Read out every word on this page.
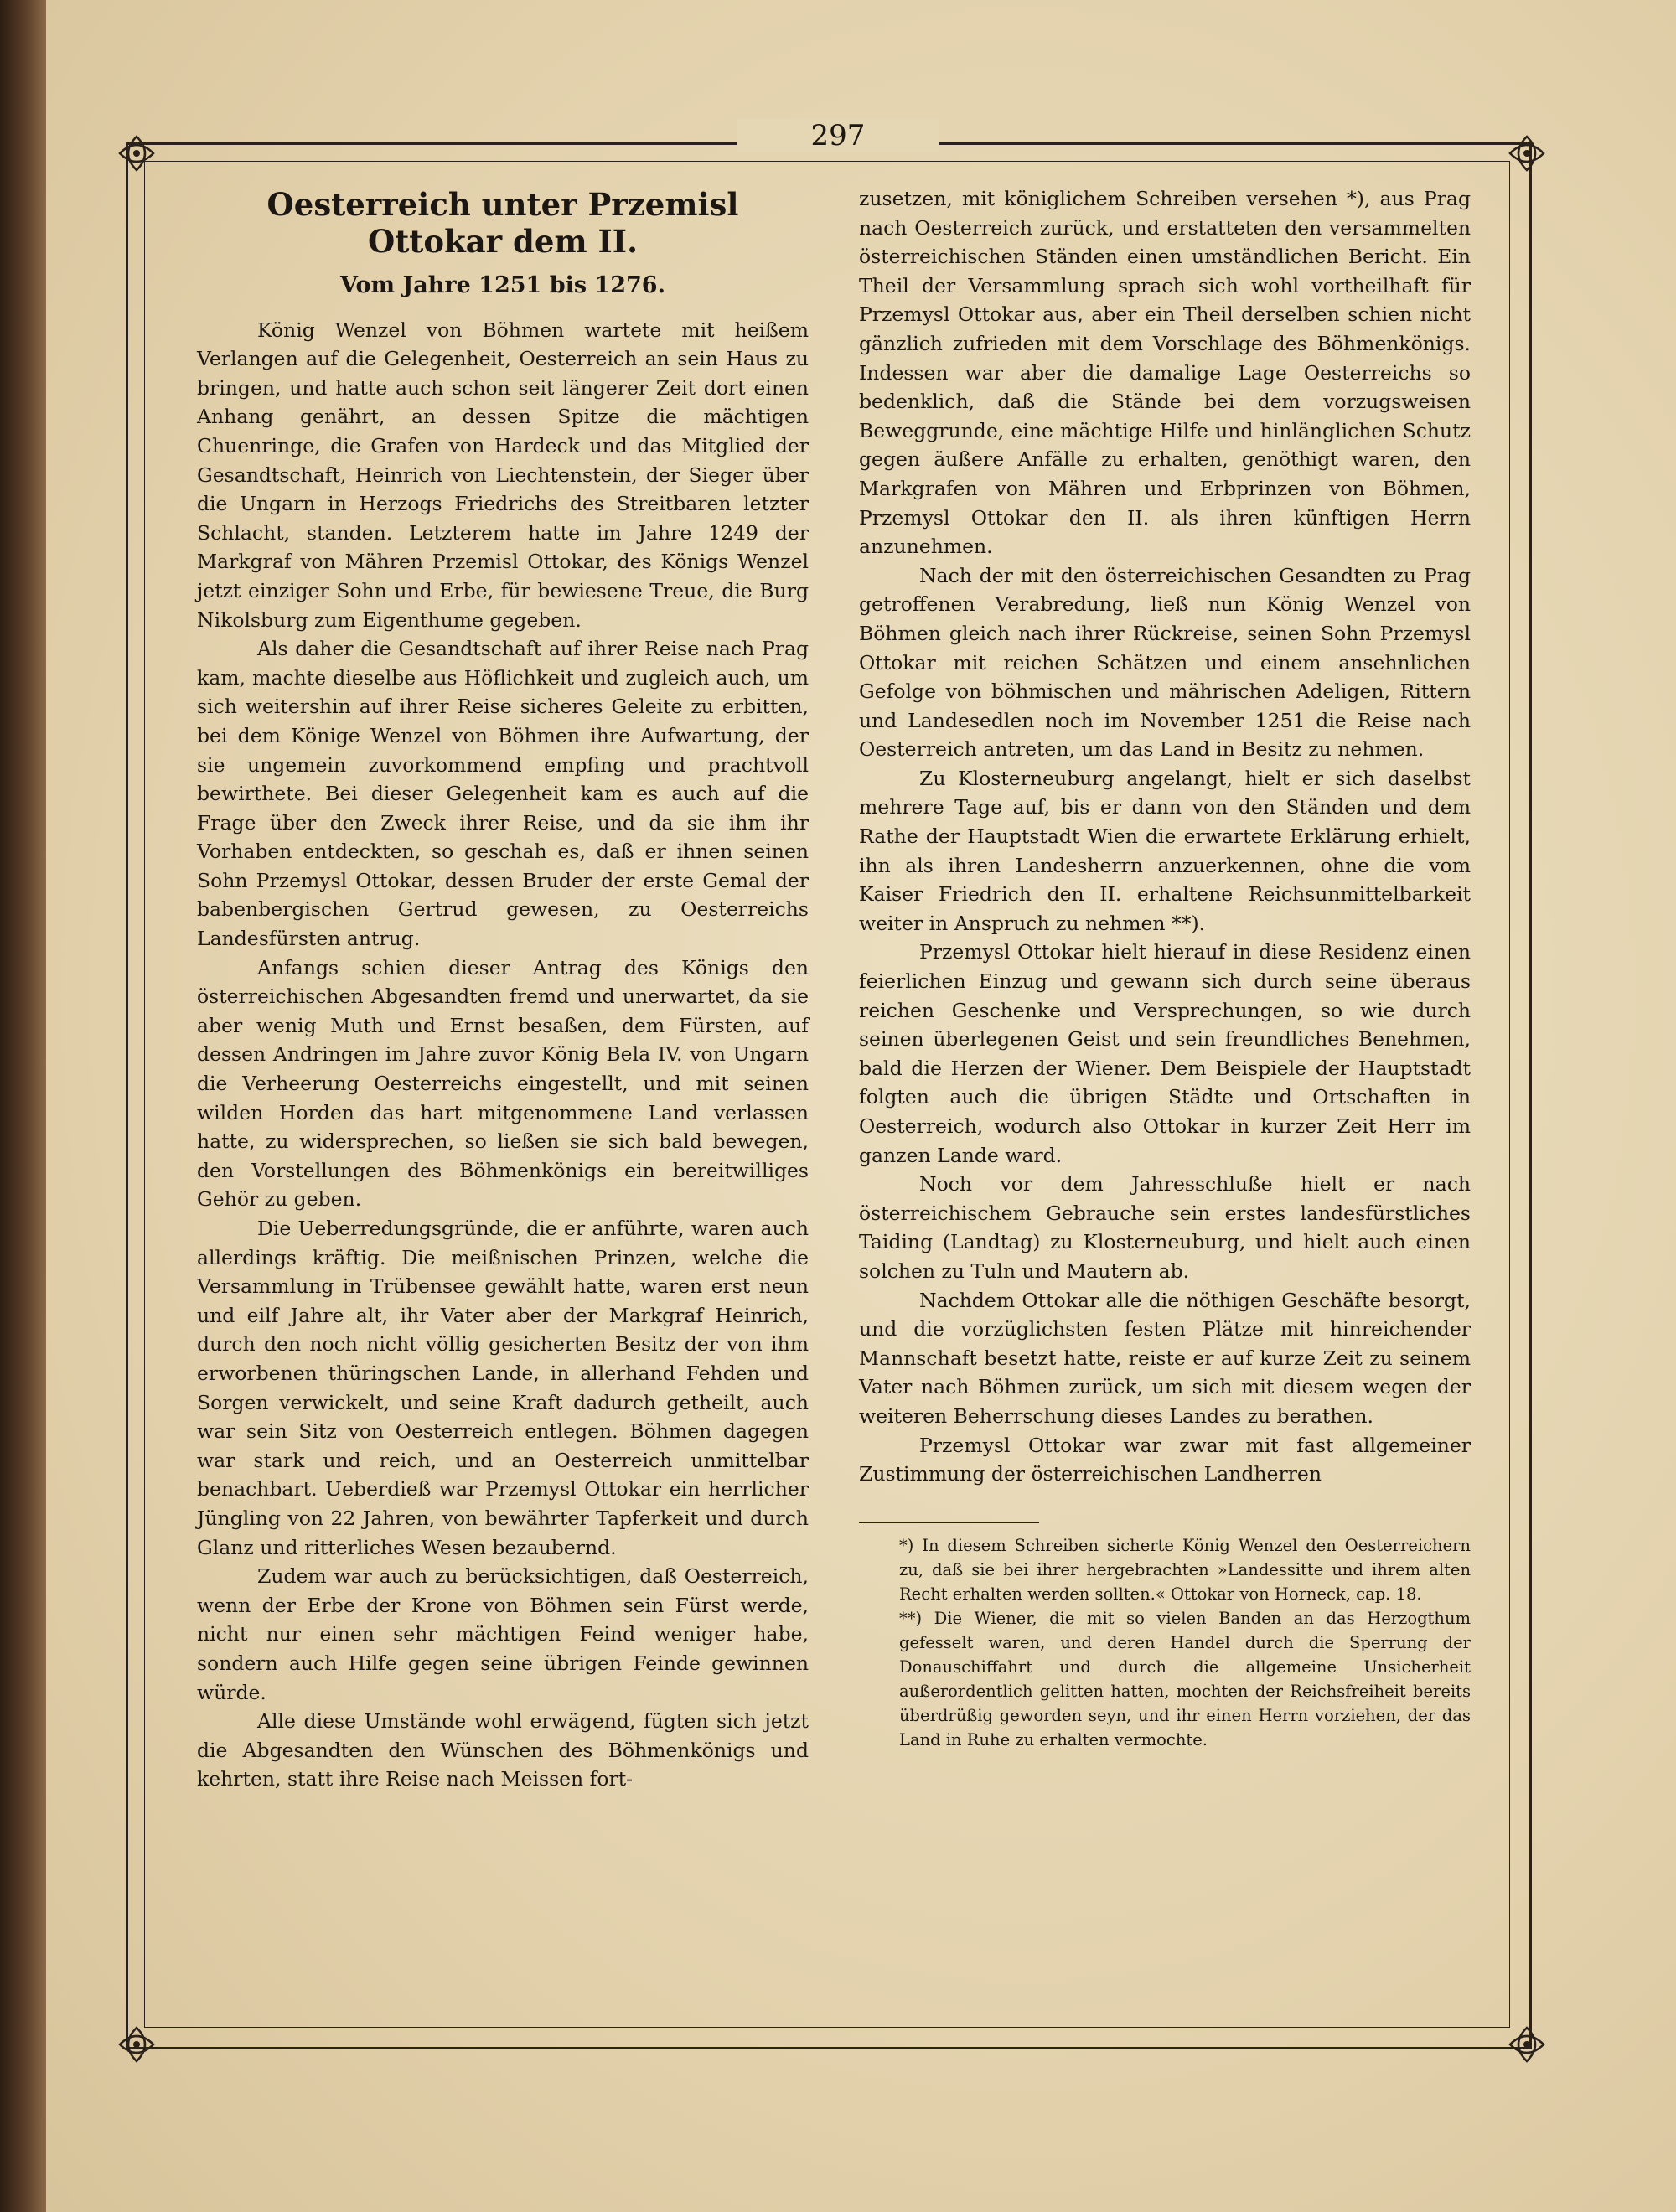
297
Oesterreich unter Przemisl Ottokar dem II.
Vom Jahre 1251 bis 1276.

König Wenzel von Böhmen wartete mit heißem Verlangen auf die Gelegenheit, Oesterreich an sein Haus zu bringen, und hatte auch schon seit längerer Zeit dort einen Anhang genährt, an dessen Spitze die mächtigen Chuenringe, die Grafen von Hardeck und das Mitglied der Gesandtschaft, Heinrich von Liechtenstein, der Sieger über die Ungarn in Herzogs Friedrichs des Streitbaren letzter Schlacht, standen. Letzterem hatte im Jahre 1249 der Markgraf von Mähren Przemisl Ottokar, des Königs Wenzel jetzt einziger Sohn und Erbe, für bewiesene Treue, die Burg Nikolsburg zum Eigenthume gegeben.

Als daher die Gesandtschaft auf ihrer Reise nach Prag kam, machte dieselbe aus Höflichkeit und zugleich auch, um sich weitershin auf ihrer Reise sicheres Geleite zu erbitten, bei dem Könige Wenzel von Böhmen ihre Aufwartung, der sie ungemein zuvorkommend empfing und prachtvoll bewirthete. Bei dieser Gelegenheit kam es auch auf die Frage über den Zweck ihrer Reise, und da sie ihm ihr Vorhaben entdeckten, so geschah es, daß er ihnen seinen Sohn Przemysl Ottokar, dessen Bruder der erste Gemal der babenbergischen Gertrud gewesen, zu Oesterreichs Landesfürsten antrug.

Anfangs schien dieser Antrag des Königs den österreichischen Abgesandten fremd und unerwartet, da sie aber wenig Muth und Ernst besaßen, dem Fürsten, auf dessen Andringen im Jahre zuvor König Bela IV. von Ungarn die Verheerung Oesterreichs eingestellt, und mit seinen wilden Horden das hart mitgenommene Land verlassen hatte, zu widersprechen, so ließen sie sich bald bewegen, den Vorstellungen des Böhmenkönigs ein bereitwilliges Gehör zu geben.

Die Ueberredungsgründe, die er anführte, waren auch allerdings kräftig. Die meißnischen Prinzen, welche die Versammlung in Trübensee gewählt hatte, waren erst neun und eilf Jahre alt, ihr Vater aber der Markgraf Heinrich, durch den noch nicht völlig gesicherten Besitz der von ihm erworbenen thüringschen Lande, in allerhand Fehden und Sorgen verwickelt, und seine Kraft dadurch getheilt, auch war sein Sitz von Oesterreich entlegen. Böhmen dagegen war stark und reich, und an Oesterreich unmittelbar benachbart. Ueberdieß war Przemysl Ottokar ein herrlicher Jüngling von 22 Jahren, von bewährter Tapferkeit und durch Glanz und ritterliches Wesen bezaubernd.

Zudem war auch zu berücksichtigen, daß Oesterreich, wenn der Erbe der Krone von Böhmen sein Fürst werde, nicht nur einen sehr mächtigen Feind weniger habe, sondern auch Hilfe gegen seine übrigen Feinde gewinnen würde.

Alle diese Umstände wohl erwägend, fügten sich jetzt die Abgesandten den Wünschen des Böhmenkönigs und kehrten, statt ihre Reise nach Meissen fort-

zusetzen, mit königlichem Schreiben versehen *), aus Prag nach Oesterreich zurück, und erstatteten den versammelten österreichischen Ständen einen umständlichen Bericht. Ein Theil der Versammlung sprach sich wohl vortheilhaft für Przemysl Ottokar aus, aber ein Theil derselben schien nicht gänzlich zufrieden mit dem Vorschlage des Böhmenkönigs. Indessen war aber die damalige Lage Oesterreichs so bedenklich, daß die Stände bei dem vorzugsweisen Beweggrunde, eine mächtige Hilfe und hinlänglichen Schutz gegen äußere Anfälle zu erhalten, genöthigt waren, den Markgrafen von Mähren und Erbprinzen von Böhmen, Przemysl Ottokar den II. als ihren künftigen Herrn anzunehmen.

Nach der mit den österreichischen Gesandten zu Prag getroffenen Verabredung, ließ nun König Wenzel von Böhmen gleich nach ihrer Rückreise, seinen Sohn Przemysl Ottokar mit reichen Schätzen und einem ansehnlichen Gefolge von böhmischen und mährischen Adeligen, Rittern und Landesedlen noch im November 1251 die Reise nach Oesterreich antreten, um das Land in Besitz zu nehmen.

Zu Klosterneuburg angelangt, hielt er sich daselbst mehrere Tage auf, bis er dann von den Ständen und dem Rathe der Hauptstadt Wien die erwartete Erklärung erhielt, ihn als ihren Landesherrn anzuerkennen, ohne die vom Kaiser Friedrich den II. erhaltene Reichsunmittelbarkeit weiter in Anspruch zu nehmen **).

Przemysl Ottokar hielt hierauf in diese Residenz einen feierlichen Einzug und gewann sich durch seine überaus reichen Geschenke und Versprechungen, so wie durch seinen überlegenen Geist und sein freundliches Benehmen, bald die Herzen der Wiener. Dem Beispiele der Hauptstadt folgten auch die übrigen Städte und Ortschaften in Oesterreich, wodurch also Ottokar in kurzer Zeit Herr im ganzen Lande ward.

Noch vor dem Jahresschluße hielt er nach österreichischem Gebrauche sein erstes landesfürstliches Taiding (Landtag) zu Klosterneuburg, und hielt auch einen solchen zu Tuln und Mautern ab.

Nachdem Ottokar alle die nöthigen Geschäfte besorgt, und die vorzüglichsten festen Plätze mit hinreichender Mannschaft besetzt hatte, reiste er auf kurze Zeit zu seinem Vater nach Böhmen zurück, um sich mit diesem wegen der weiteren Beherrschung dieses Landes zu berathen.

Przemysl Ottokar war zwar mit fast allgemeiner Zustimmung der österreichischen Landherren

*) In diesem Schreiben sicherte König Wenzel den Oesterreichern zu, daß sie bei ihrer hergebrachten »Landessitte und ihrem alten Recht erhalten werden sollten.« Ottokar von Horneck, cap. 18.

**) Die Wiener, die mit so vielen Banden an das Herzogthum gefesselt waren, und deren Handel durch die Sperrung der Donauschiffahrt und durch die allgemeine Unsicherheit außerordentlich gelitten hatten, mochten der Reichsfreiheit bereits überdrüßig geworden seyn, und ihr einen Herrn vorziehen, der das Land in Ruhe zu erhalten vermochte.
